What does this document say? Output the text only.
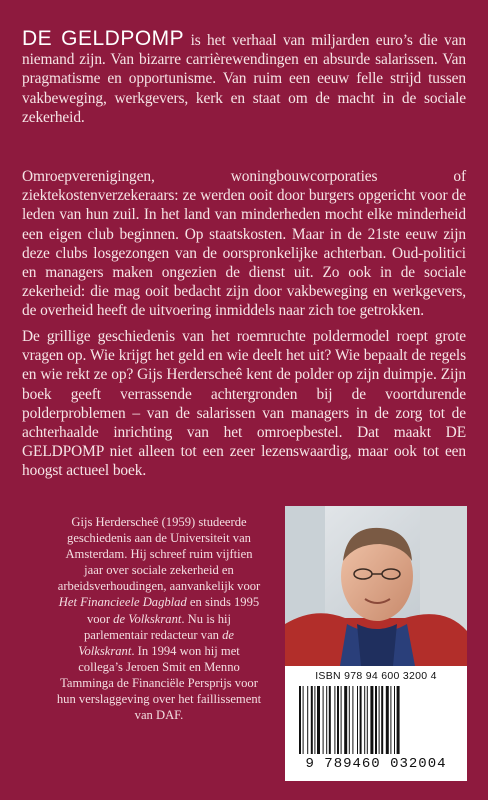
DE GELDPOMP is het verhaal van miljarden euro’s die van niemand zijn. Van bizarre carrièrewendingen en absurde salarissen. Van pragmatisme en opportunisme. Van ruim een eeuw felle strijd tussen vakbeweging, werkgevers, kerk en staat om de macht in de sociale zekerheid.
Omroepverenigingen, woningbouwcorporaties of ziektekostenverzekeraars: ze werden ooit door burgers opgericht voor de leden van hun zuil. In het land van minderheden mocht elke minderheid een eigen club beginnen. Op staatskosten. Maar in de 21ste eeuw zijn deze clubs losgezongen van de oorspronkelijke achterban. Oud-politici en managers maken ongezien de dienst uit. Zo ook in de sociale zekerheid: die mag ooit bedacht zijn door vakbeweging en werkgevers, de overheid heeft de uitvoering inmiddels naar zich toe getrokken.
De grillige geschiedenis van het roemruchte poldermodel roept grote vragen op. Wie krijgt het geld en wie deelt het uit? Wie bepaalt de regels en wie rekt ze op? Gijs Herderscheê kent de polder op zijn duimpje. Zijn boek geeft verrassende achtergronden bij de voortdurende polderproblemen – van de salarissen van managers in de zorg tot de achterhaalde inrichting van het omroepbestel. Dat maakt DE GELDPOMP niet alleen tot een zeer lezenswaardig, maar ook tot een hoogst actueel boek.
Gijs Herderscheê (1959) studeerde geschiedenis aan de Universiteit van Amsterdam. Hij schreef ruim vijftien jaar over sociale zekerheid en arbeidsverhoudingen, aanvankelijk voor Het Financieele Dagblad en sinds 1995 voor de Volkskrant. Nu is hij parlementair redacteur van de Volkskrant. In 1994 won hij met collega’s Jeroen Smit en Menno Tamminga de Financiële Persprijs voor hun verslaggeving over het faillissement van DAF.
ISBN 978 94 600 3200 4
9 789460 032004
